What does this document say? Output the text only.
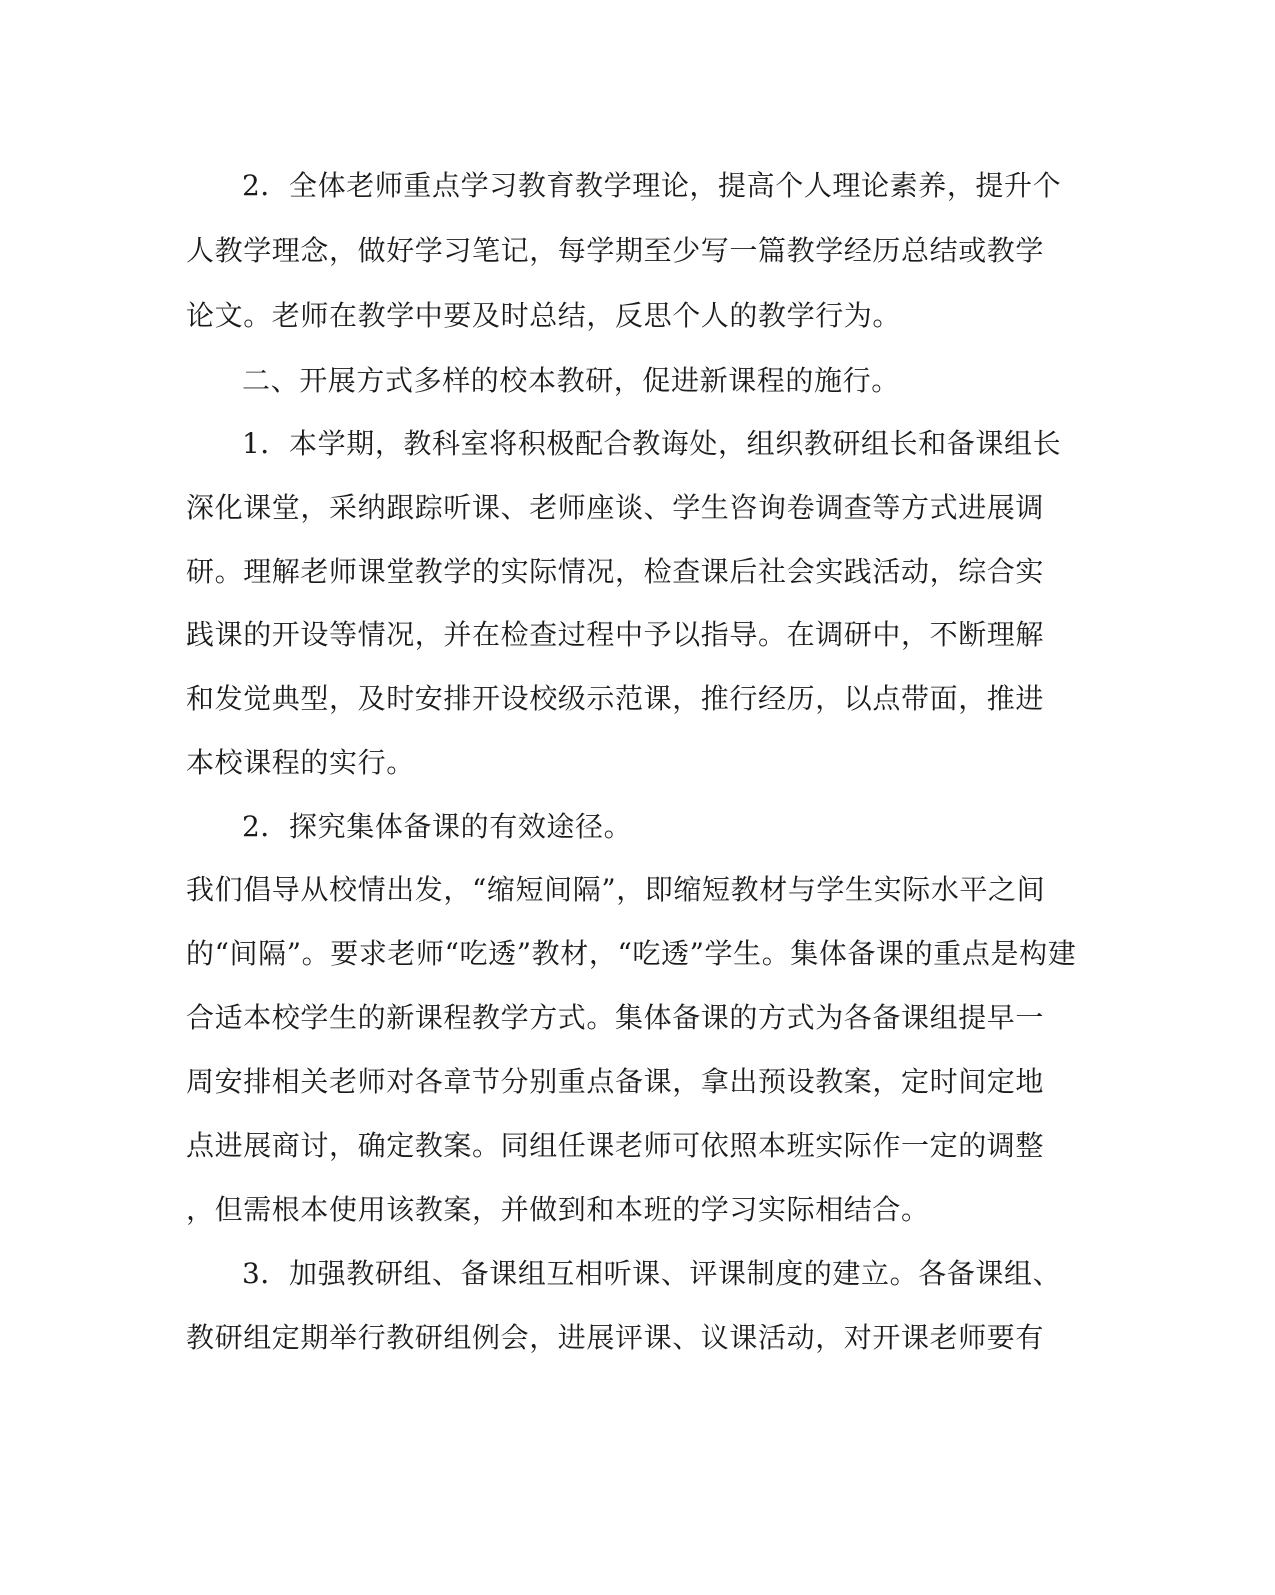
2．全体老师重点学习教育教学理论，提高个人理论素养，提升个
人教学理念，做好学习笔记，每学期至少写一篇教学经历总结或教学
论文。老师在教学中要及时总结，反思个人的教学行为。
二、开展方式多样的校本教研，促进新课程的施行。
1．本学期，教科室将积极配合教诲处，组织教研组长和备课组长
深化课堂，采纳跟踪听课、老师座谈、学生咨询卷调查等方式进展调
研。理解老师课堂教学的实际情况，检查课后社会实践活动，综合实
践课的开设等情况，并在检查过程中予以指导。在调研中，不断理解
和发觉典型，及时安排开设校级示范课，推行经历，以点带面，推进
本校课程的实行。
2．探究集体备课的有效途径。
我们倡导从校情出发，“缩短间隔”，即缩短教材与学生实际水平之间
的“间隔”。要求老师“吃透”教材，“吃透”学生。集体备课的重点是构建
合适本校学生的新课程教学方式。集体备课的方式为各备课组提早一
周安排相关老师对各章节分别重点备课，拿出预设教案，定时间定地
点进展商讨，确定教案。同组任课老师可依照本班实际作一定的调整
，但需根本使用该教案，并做到和本班的学习实际相结合。
3．加强教研组、备课组互相听课、评课制度的建立。各备课组、
教研组定期举行教研组例会，进展评课、议课活动，对开课老师要有
